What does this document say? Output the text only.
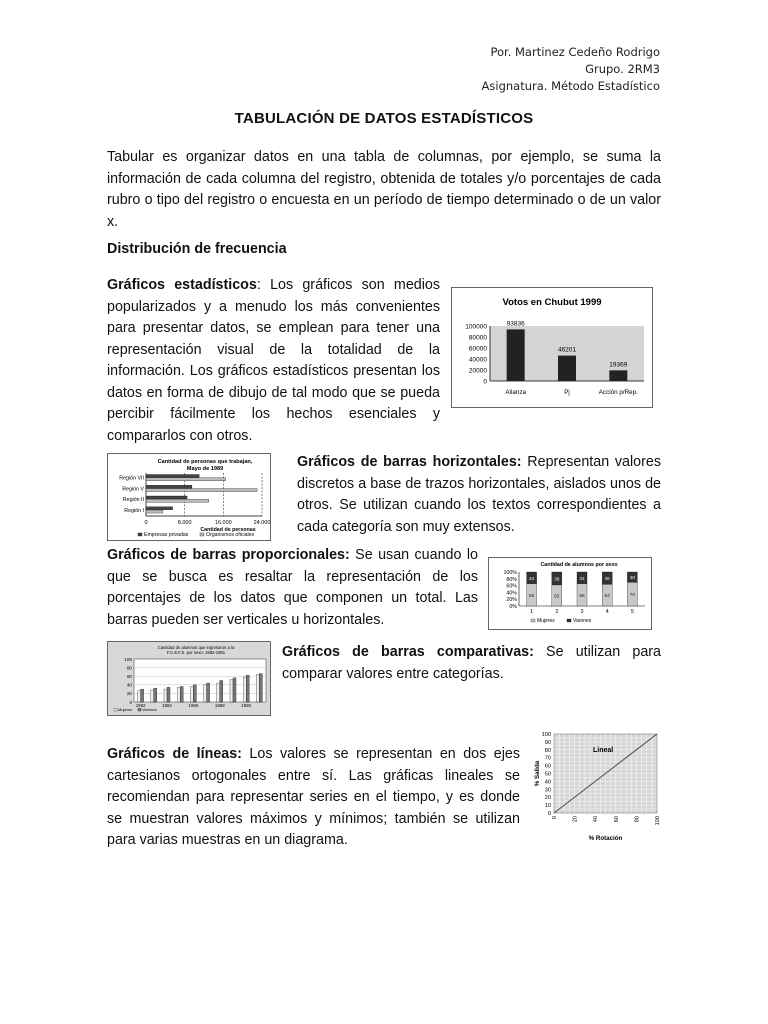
Por. Martinez Cedeño Rodrigo
Grupo. 2RM3
Asignatura. Método Estadístico
TABULACIÓN DE DATOS ESTADÍSTICOS

Tabular es organizar datos en una tabla de columnas, por ejemplo, se suma la información de cada columna del registro, obtenida de totales y/o porcentajes de cada rubro o tipo del registro o encuesta en un período de tiempo determinado o de un valor x.

Distribución de frecuencia

Gráficos estadísticos: Los gráficos son medios popularizados y a menudo los más convenientes para presentar datos, se emplean para tener una representación visual de la totalidad de la información. Los gráficos estadísticos presentan los datos en forma de dibujo de tal modo que se pueda percibir fácilmente los hechos esenciales y compararlos con otros.

Gráficos de barras horizontales: Representan valores discretos a base de trazos horizontales, aislados unos de otros. Se utilizan cuando los textos correspondientes a cada categoría son muy extensos.

Gráficos de barras proporcionales: Se usan cuando lo que se busca es resaltar la representación de los porcentajes de los datos que componen un total. Las barras pueden ser verticales u horizontales.

Gráficos de barras comparativas: Se utilizan para comparar valores entre categorías.

Gráficos de líneas: Los valores se representan en dos ejes cartesianos ortogonales entre sí. Las gráficas lineales se recomiendan para representar series en el tiempo, y es donde se muestran valores máximos y mínimos; también se utilizan para varias muestras en un diagrama.

Votos en Chubut 1999
100000
80000
60000
40000
20000
0
93836
Alianza
46201
Pj
19369
Acción p/Rep.
Cantidad de personas que trabajan,
Mayo de 1989
0	8.000	16.000	24.000
Cantidad de personas
Región VII
Región V
Región II
Región I
Empresas privadas	Organismos oficiales
Cantidad de alumnos por sexo
100%
80%
60%
40%
20%
0%
66
34
1
62
38
2
66
34
3
64
36
4
70
30
5
Mujeres	Varones
Cantidad de alumnos que ingresaron a la
F.C.E.F.S. por sexo: 1982-1991
100
80
60
40
20
0
1982	1984	1986	1988	1990
Mujeres Varones
Lineal
100
90
80
70
60
50
40
30
20
10
0
0	20	40	60	80	100
% Salida
% Rotación
